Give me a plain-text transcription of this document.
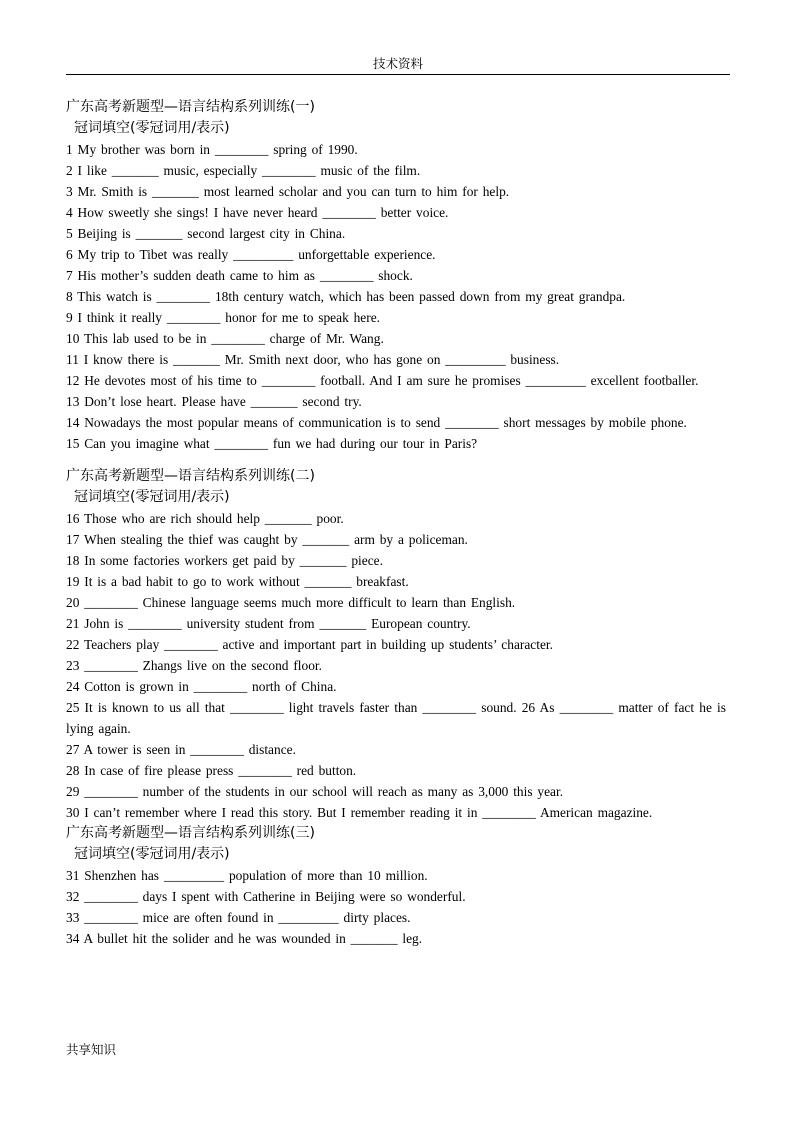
技术资料
广东高考新题型—语言结构系列训练(一)
冠词填空(零冠词用/表示)
1 My brother was born in ________ spring of 1990.
2 I like _______ music, especially ________ music of the film.
3 Mr. Smith is _______ most learned scholar and you can turn to him for help.
4 How sweetly she sings! I have never heard ________ better voice.
5 Beijing is _______ second largest city in China.
6 My trip to Tibet was really _________ unforgettable experience.
7 His mother’s sudden death came to him as ________ shock.
8 This watch is ________ 18th century watch, which has been passed down from my great grandpa.
9 I think it really ________ honor for me to speak here.
10 This lab used to be in ________ charge of Mr. Wang.
11 I know there is _______ Mr. Smith next door, who has gone on _________ business.
12 He devotes most of his time to ________ football. And I am sure he promises _________ excellent footballer.
13 Don’t lose heart. Please have _______ second try.
14 Nowadays the most popular means of communication is to send ________ short messages by mobile phone.
15 Can you imagine what ________ fun we had during our tour in Paris?
广东高考新题型—语言结构系列训练(二)
冠词填空(零冠词用/表示)
16 Those who are rich should help _______ poor.
17 When stealing the thief was caught by _______ arm by a policeman.
18 In some factories workers get paid by _______ piece.
19 It is a bad habit to go to work without _______ breakfast.
20 ________ Chinese language seems much more difficult to learn than English.
21 John is ________ university student from _______ European country.
22 Teachers play ________ active and important part in building up students’ character.
23 ________ Zhangs live on the second floor.
24 Cotton is grown in ________ north of China.
25 It is known to us all that ________ light travels faster than ________ sound. 26 As ________ matter of fact he is lying again.
27 A tower is seen in ________ distance.
28 In case of fire please press ________ red button.
29 ________ number of the students in our school will reach as many as 3,000 this year.
30 I can’t remember where I read this story. But I remember reading it in ________ American magazine.
广东高考新题型—语言结构系列训练(三)
冠词填空(零冠词用/表示)
31 Shenzhen has _________ population of more than 10 million.
32 ________ days I spent with Catherine in Beijing were so wonderful.
33 ________ mice are often found in _________ dirty places.
34 A bullet hit the solider and he was wounded in _______ leg.
共享知识
